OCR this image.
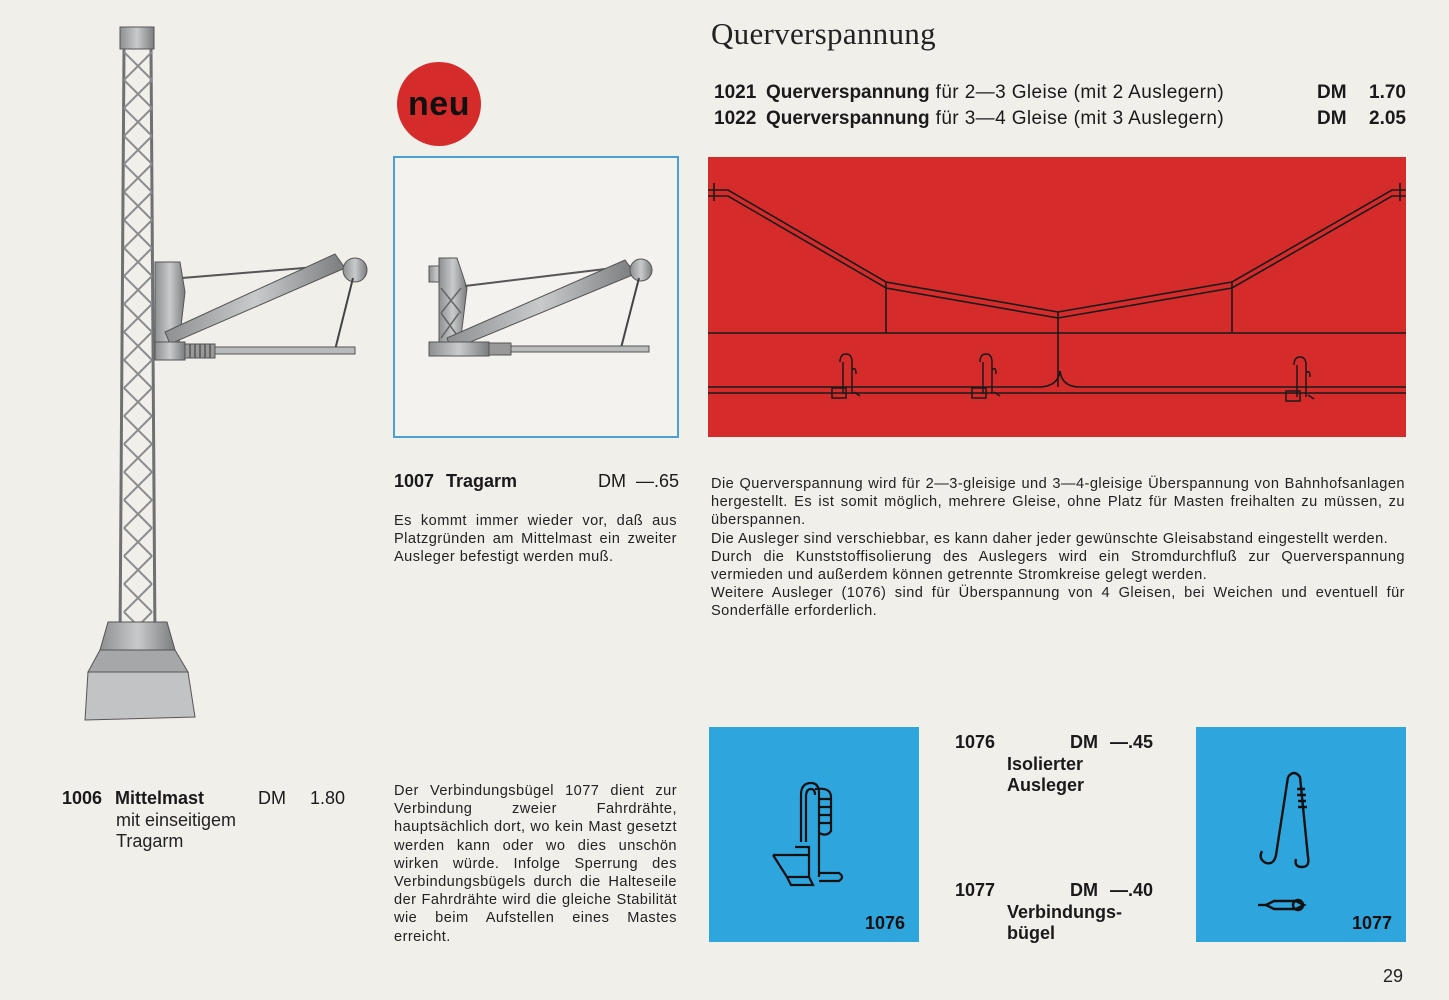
Querverspannung
1021 Querverspannung für 2—3 Gleise (mit 2 Auslegern)	DM	1.70
1022 Querverspannung für 3—4 Gleise (mit 3 Auslegern)	DM	2.05
neu
1006 Mittelmast	DM 1.80
mit einseitigem
Tragarm
1007 Tragarm	DM —.65
Es kommt immer wieder vor, daß aus Platzgründen am Mittelmast ein zweiter Ausleger befestigt werden muß.
Die Querverspannung wird für 2—3-gleisige und 3—4-gleisige Überspannung von Bahnhofsanlagen hergestellt. Es ist somit möglich, mehrere Gleise, ohne Platz für Masten freihalten zu müssen, zu überspannen.
Die Ausleger sind verschiebbar, es kann daher jeder gewünschte Gleisabstand eingestellt werden.
Durch die Kunststoffisolierung des Auslegers wird ein Stromdurchfluß zur Querverspannung vermieden und außerdem können getrennte Stromkreise gelegt werden.
Weitere Ausleger (1076) sind für Überspannung von 4 Gleisen, bei Weichen und eventuell für Sonderfälle erforderlich.
Der Verbindungsbügel 1077 dient zur Verbindung zweier Fahrdrähte, hauptsächlich dort, wo kein Mast gesetzt werden kann oder wo dies unschön wirken würde. Infolge Sperrung des Verbindungsbügels durch die Halteseile der Fahrdrähte wird die gleiche Stabilität wie beim Aufstellen eines Mastes erreicht.
1076
1076	DM —.45
Isolierter
Ausleger
1077	DM —.40
Verbindungs-
bügel	1077
29
